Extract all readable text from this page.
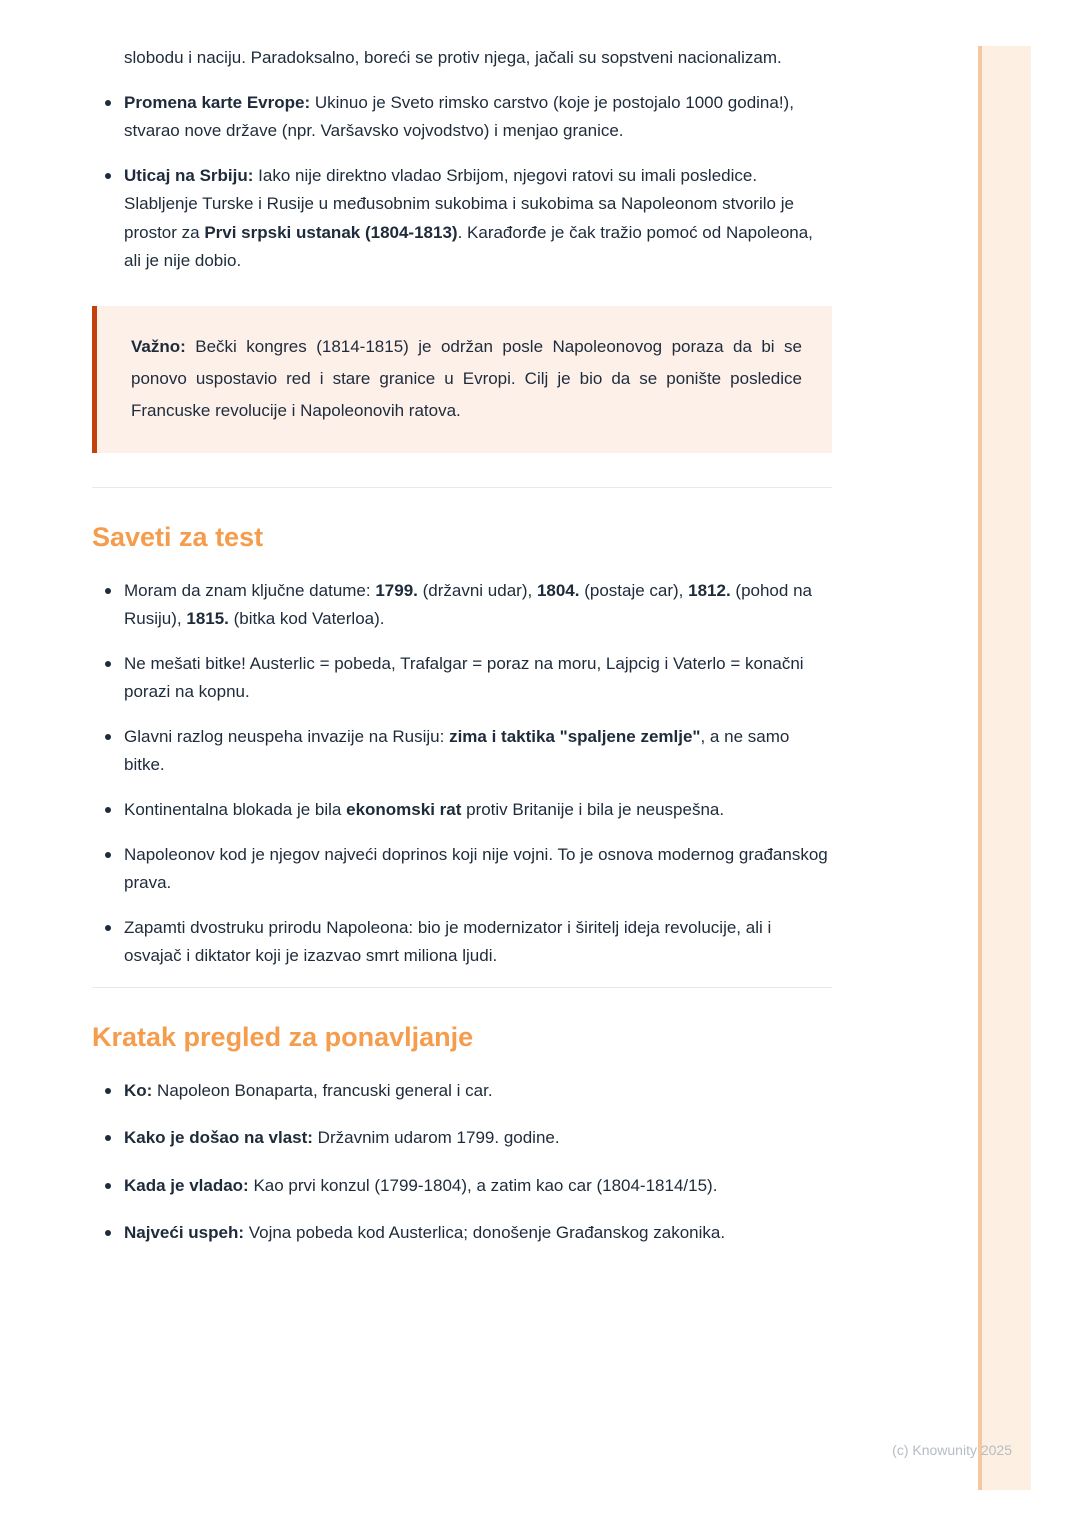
slobodu i naciju. Paradoksalno, boreći se protiv njega, jačali su sopstveni nacionalizam.

Promena karte Evrope: Ukinuo je Sveto rimsko carstvo (koje je postojalo 1000 godina!), stvarao nove države (npr. Varšavsko vojvodstvo) i menjao granice.
Uticaj na Srbiju: Iako nije direktno vladao Srbijom, njegovi ratovi su imali posledice. Slabljenje Turske i Rusije u međusobnim sukobima i sukobima sa Napoleonom stvorilo je prostor za Prvi srpski ustanak (1804-1813). Karađorđe je čak tražio pomoć od Napoleona, ali je nije dobio.

Važno: Bečki kongres (1814-1815) je održan posle Napoleonovog poraza da bi se ponovo uspostavio red i stare granice u Evropi. Cilj je bio da se ponište posledice Francuske revolucije i Napoleonovih ratova.

Saveti za test
Moram da znam ključne datume: 1799. (državni udar), 1804. (postaje car), 1812. (pohod na Rusiju), 1815. (bitka kod Vaterloa).
Ne mešati bitke! Austerlic = pobeda, Trafalgar = poraz na moru, Lajpcig i Vaterlo = konačni porazi na kopnu.
Glavni razlog neuspeha invazije na Rusiju: zima i taktika "spaljene zemlje", a ne samo bitke.
Kontinentalna blokada je bila ekonomski rat protiv Britanije i bila je neuspešna.
Napoleonov kod je njegov najveći doprinos koji nije vojni. To je osnova modernog građanskog prava.
Zapamti dvostruku prirodu Napoleona: bio je modernizator i širitelj ideja revolucije, ali i osvajač i diktator koji je izazvao smrt miliona ljudi.
Kratak pregled za ponavljanje
Ko: Napoleon Bonaparta, francuski general i car.
Kako je došao na vlast: Državnim udarom 1799. godine.
Kada je vladao: Kao prvi konzul (1799-1804), a zatim kao car (1804-1814/15).
Najveći uspeh: Vojna pobeda kod Austerlica; donošenje Građanskog zakonika.
(c) Knowunity 2025
